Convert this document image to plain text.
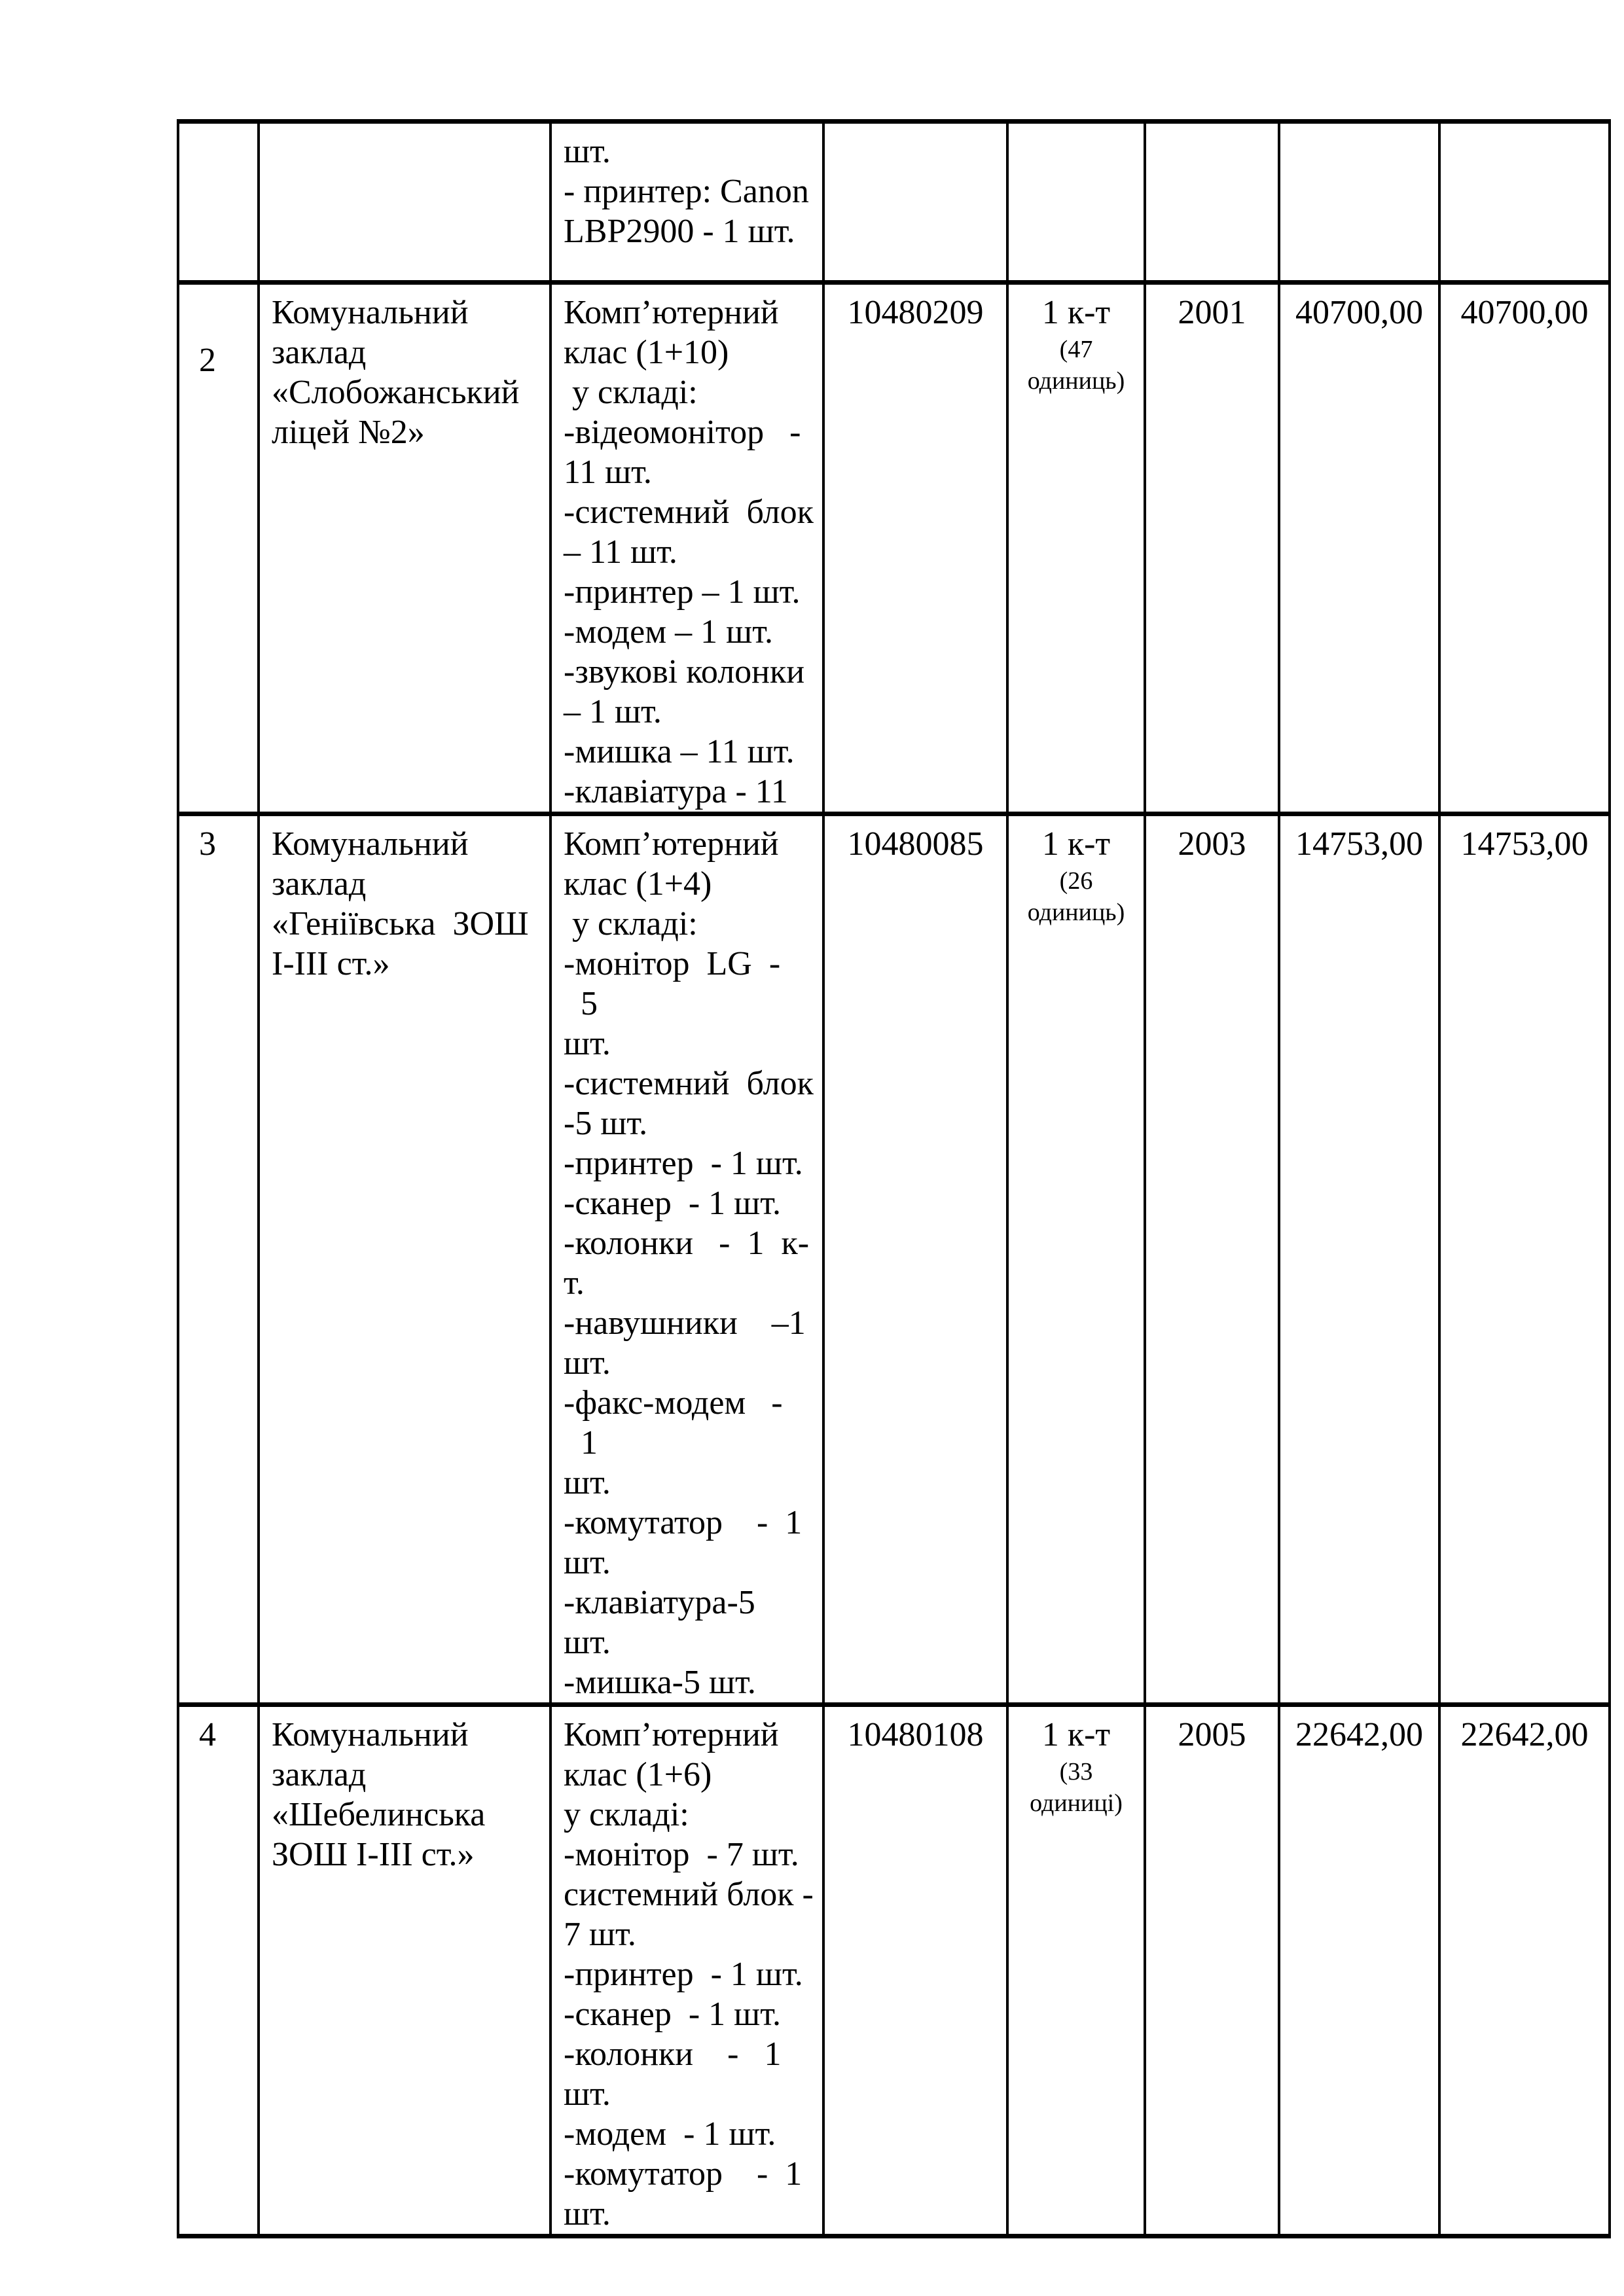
		шт.
- принтер: Canon
LBP2900 - 1 шт.		

2	Комунальний
заклад
«Слобожанський
ліцей №2»	Комп’ютерний
клас (1+10)
у складі:
-відеомонітор   -
11 шт.
-системний  блок
– 11 шт.
-принтер – 1 шт.
-модем – 1 шт.
-звукові колонки
– 1 шт.
-мишка – 11 шт.
-клавіатура - 11	10480209	1 к-т
(47
одиниць)
	2001	40700,00	40700,00
3	Комунальний
заклад
«Геніївська  ЗОШ
І-ІІІ ст.»	Комп’ютерний
клас (1+4)
у складі:
-монітор  LG  -  5
шт.
-системний  блок
-5 шт.
-принтер  - 1 шт.
-сканер  - 1 шт.
-колонки   -  1  к-
т.
-навушники    –1
шт.
-факс-модем   -  1
шт.
-комутатор    -  1
шт.
-клавіатура-5
шт.
-мишка-5 шт.	10480085	1 к-т
(26
одиниць)
	2003	14753,00	14753,00
4	Комунальний
заклад
«Шебелинська
ЗОШ І-ІІІ ст.»	Комп’ютерний
клас (1+6)
у складі:
-монітор  - 7 шт.
системний блок -
7 шт.
-принтер  - 1 шт.
-сканер  - 1 шт.
-колонки    -   1
шт.
-модем  - 1 шт.
-комутатор    -  1
шт.	10480108	1 к-т
(33
одиниці)
	2005	22642,00	22642,00
